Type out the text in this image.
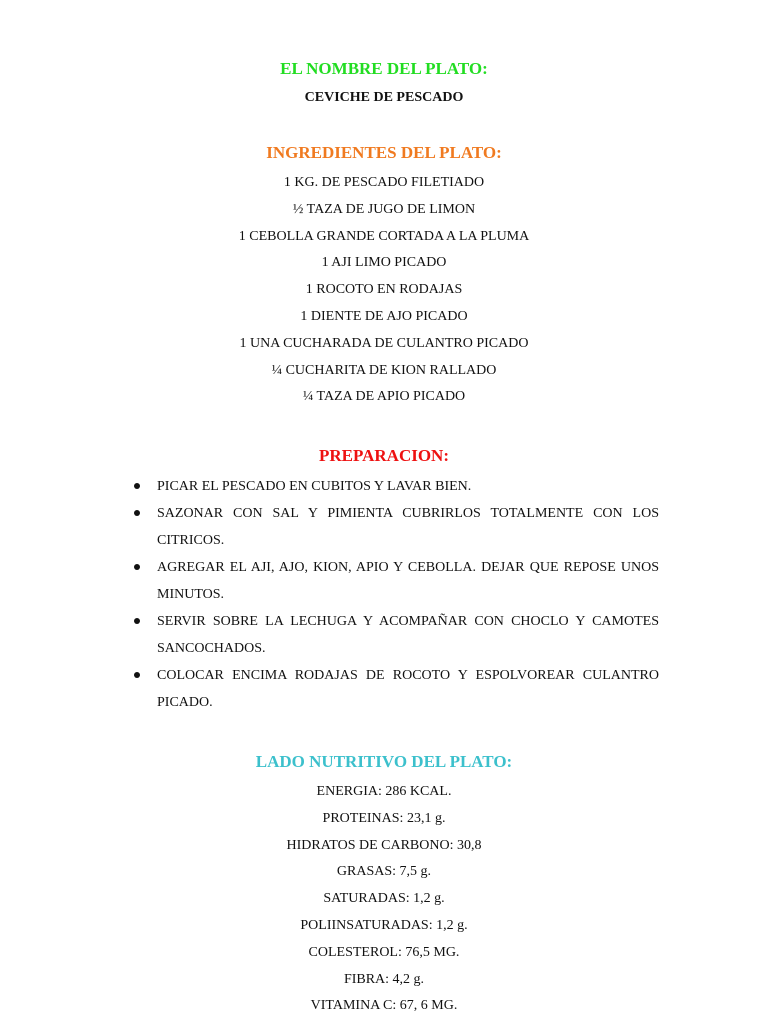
EL NOMBRE DEL PLATO:
CEVICHE DE PESCADO
INGREDIENTES DEL PLATO:
1 KG. DE PESCADO FILETIADO
½ TAZA DE JUGO DE LIMON
1 CEBOLLA GRANDE CORTADA A LA PLUMA
1 AJI LIMO PICADO
1 ROCOTO EN RODAJAS
1 DIENTE DE AJO PICADO
1 UNA CUCHARADA DE CULANTRO PICADO
¼ CUCHARITA DE KION RALLADO
¼ TAZA DE APIO PICADO
PREPARACION:
PICAR EL PESCADO EN CUBITOS Y LAVAR BIEN.
SAZONAR CON SAL Y PIMIENTA CUBRIRLOS TOTALMENTE CON LOS CITRICOS.
AGREGAR EL AJI, AJO, KION, APIO Y CEBOLLA. DEJAR QUE REPOSE UNOS MINUTOS.
SERVIR SOBRE LA LECHUGA Y ACOMPAÑAR CON CHOCLO Y CAMOTES SANCOCHADOS.
COLOCAR ENCIMA RODAJAS DE ROCOTO Y ESPOLVOREAR CULANTRO PICADO.
LADO NUTRITIVO DEL PLATO:
ENERGIA: 286 KCAL.
PROTEINAS: 23,1 g.
HIDRATOS DE CARBONO: 30,8
GRASAS: 7,5 g.
SATURADAS: 1,2 g.
POLIINSATURADAS: 1,2 g.
COLESTEROL: 76,5 MG.
FIBRA: 4,2 g.
VITAMINA C: 67, 6 MG.
